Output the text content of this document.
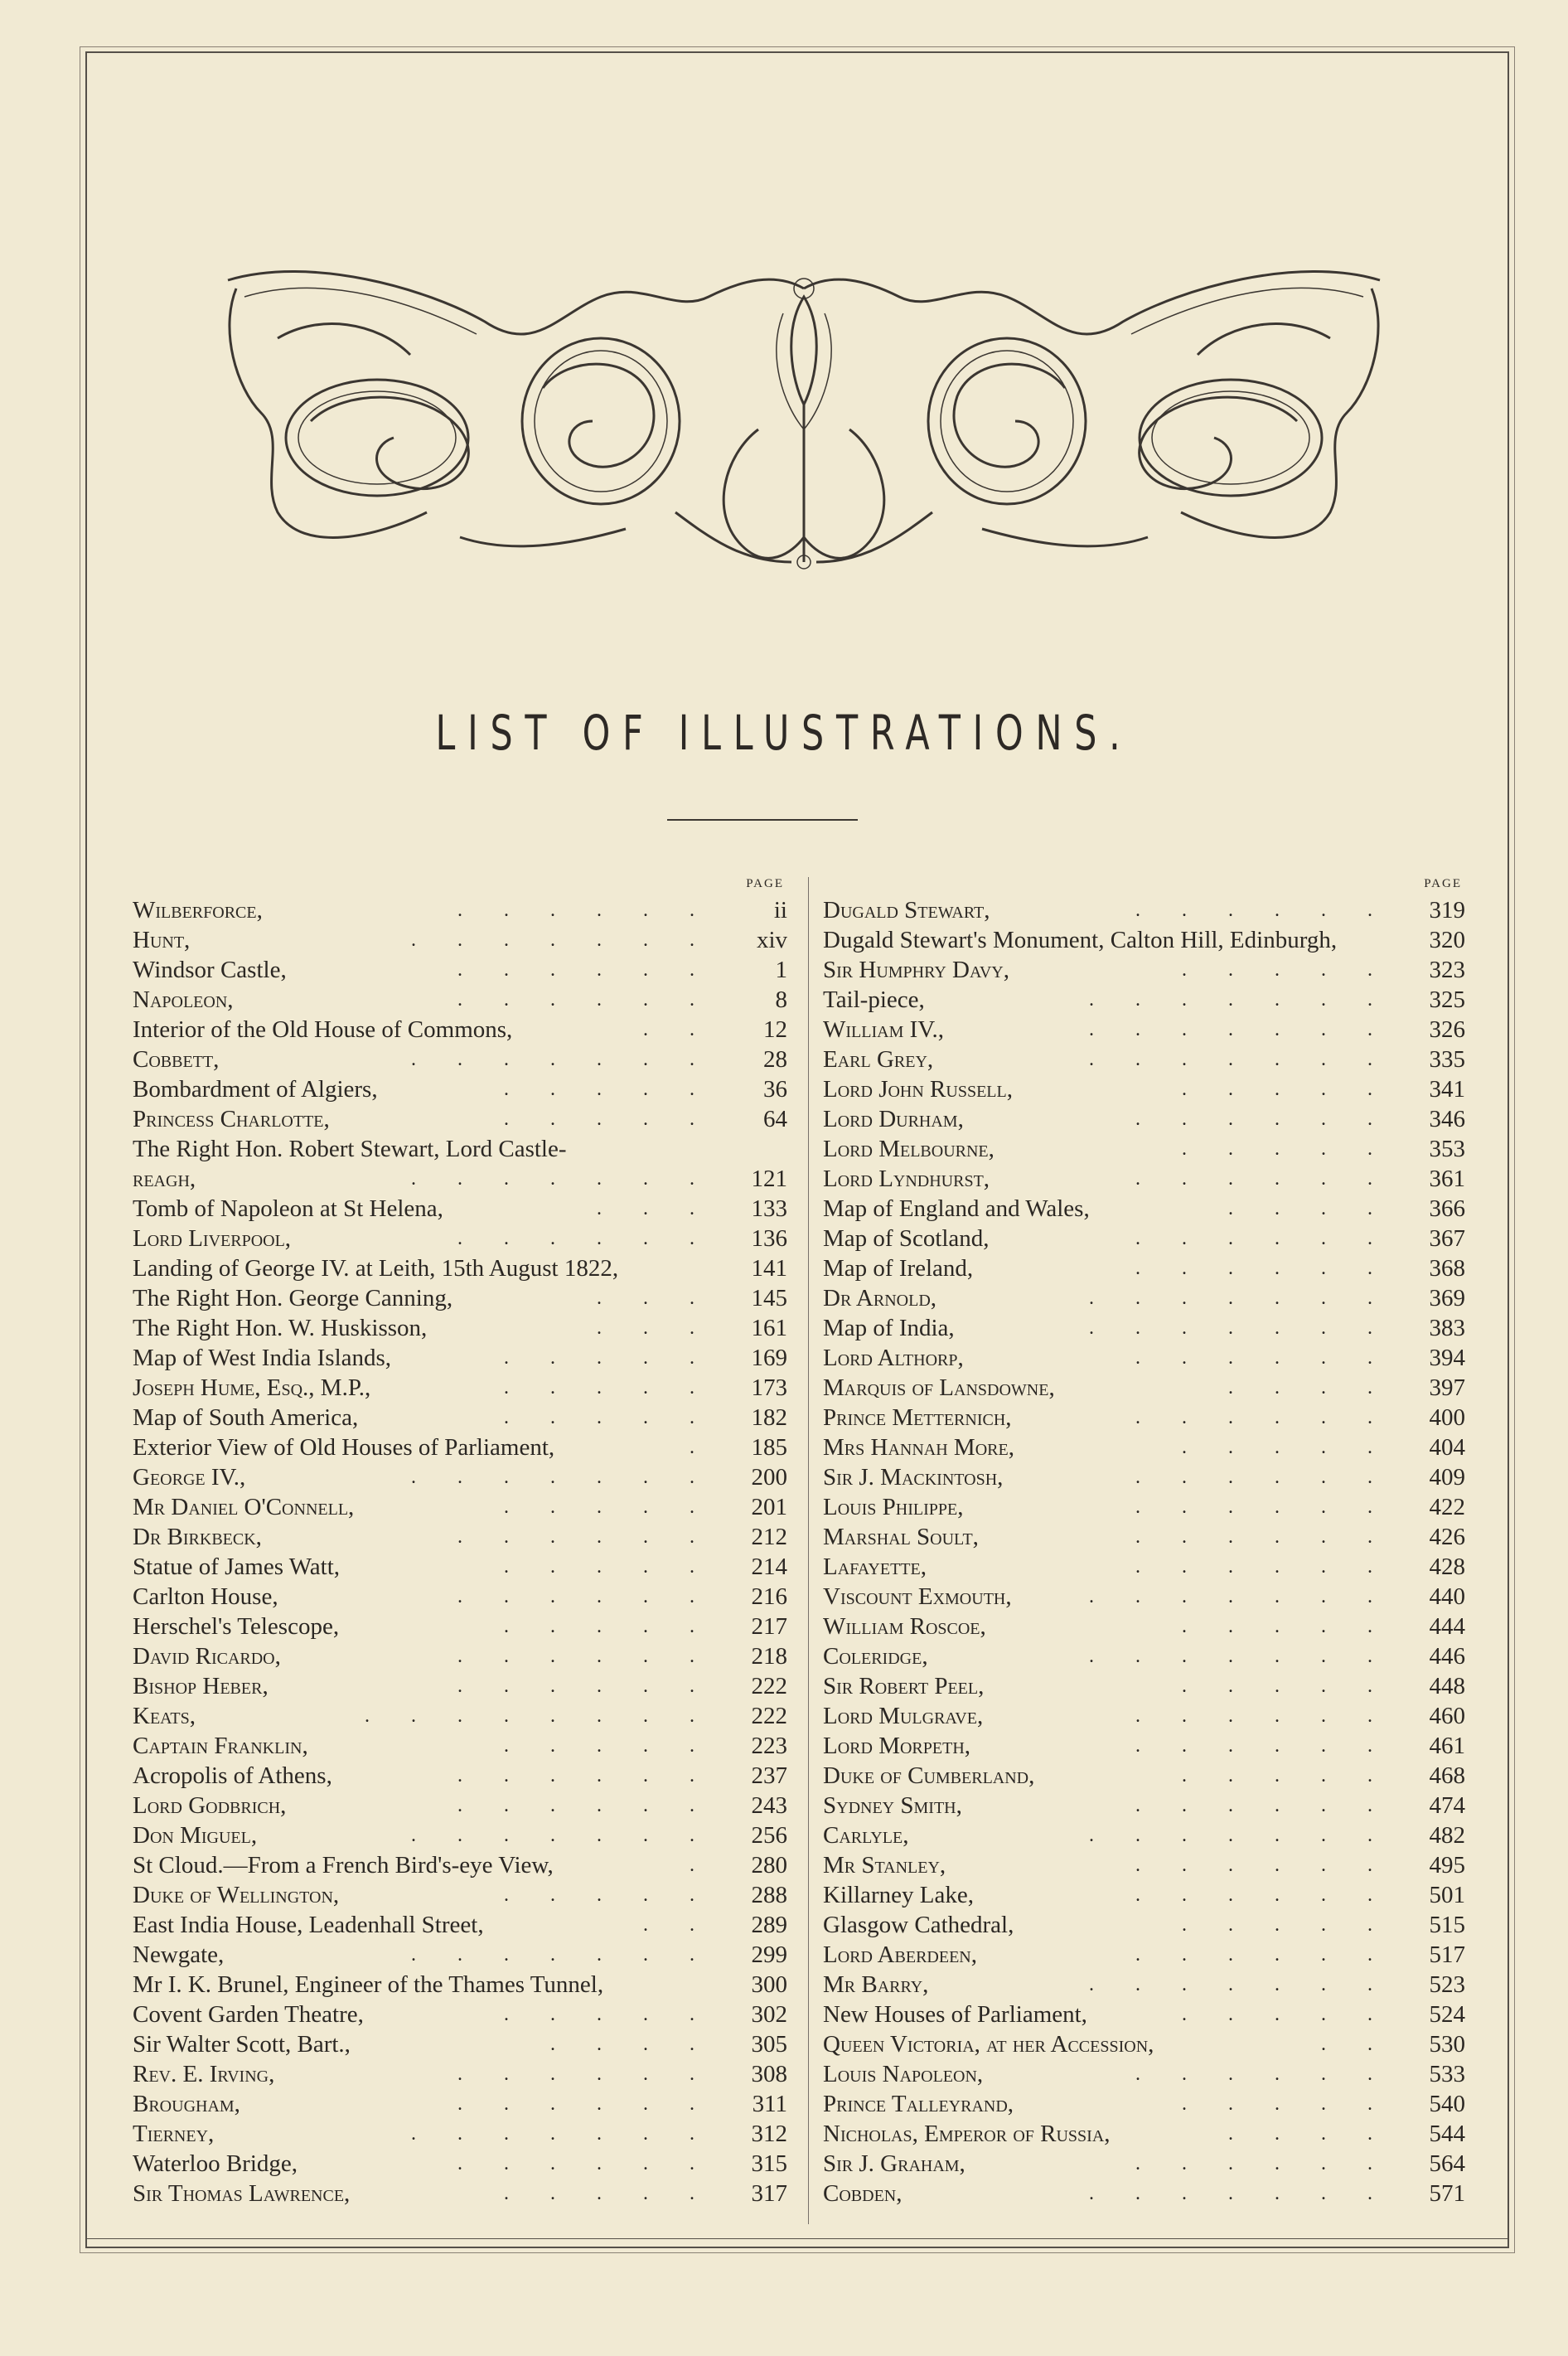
LIST OF ILLUSTRATIONS.
PAGE
Wilberforce,	. . . . . .	ii
Hunt,	. . . . . . . xiv
Windsor Castle,	. . . . . .	1
Napoleon,	. . . . . .	8
Interior of the Old House of Commons,	. . 12
Cobbett,	. . . . . . . 28
Bombardment of Algiers,	. . . . . 36
Princess Charlotte,	. . . . . 64
The Right Hon. Robert Stewart, Lord Castle-
reagh,	. . . . . . . 121
Tomb of Napoleon at St Helena,	. . . 133
Lord Liverpool,	. . . . . . 136
Landing of George IV. at Leith, 15th August 1822,	141
The Right Hon. George Canning,	. . . 145
The Right Hon. W. Huskisson,	. . . 161
Map of West India Islands,	. . . . . 169
Joseph Hume, Esq., M.P.,	. . . . . 173
Map of South America,	. . . . . 182
Exterior View of Old Houses of Parliament,	. 185
George IV.,	. . . . . . . 200
Mr Daniel O'Connell,	. . . . . 201
Dr Birkbeck,	. . . . . . 212
Statue of James Watt,	. . . . . 214
Carlton House,	. . . . . . 216
Herschel's Telescope,	. . . . . 217
David Ricardo,	. . . . . . 218
Bishop Heber,	. . . . . . 222
Keats,	. . . . . . . . 222
Captain Franklin,	. . . . . 223
Acropolis of Athens,	. . . . . . 237
Lord Godbrich,	. . . . . . 243
Don Miguel,	. . . . . . . 256
St Cloud.—From a French Bird's-eye View,	. 280
Duke of Wellington,	. . . . . 288
East India House, Leadenhall Street,	. . 289
Newgate,	. . . . . . . 299
Mr I. K. Brunel, Engineer of the Thames Tunnel,	300
Covent Garden Theatre,	. . . . . 302
Sir Walter Scott, Bart.,	. . . . 305
Rev. E. Irving,	. . . . . . 308
Brougham,	. . . . . . 311
Tierney,	. . . . . . . 312
Waterloo Bridge,	. . . . . . 315
Sir Thomas Lawrence,	. . . . . 317
PAGE
Dugald Stewart,	. . . . . . 319
Dugald Stewart's Monument, Calton Hill, Edinburgh,	320
Sir Humphry Davy,	. . . . . 323
Tail-piece,	. . . . . . . 325
William IV.,	. . . . . . . 326
Earl Grey,	. . . . . . . 335
Lord John Russell,	. . . . . 341
Lord Durham,	. . . . . . 346
Lord Melbourne,	. . . . . 353
Lord Lyndhurst,	. . . . . . 361
Map of England and Wales,	. . . . 366
Map of Scotland,	. . . . . . 367
Map of Ireland,	. . . . . . 368
Dr Arnold,	. . . . . . . 369
Map of India,	. . . . . . . 383
Lord Althorp,	. . . . . . 394
Marquis of Lansdowne,	. . . . 397
Prince Metternich,	. . . . . . 400
Mrs Hannah More,	. . . . . 404
Sir J. Mackintosh,	. . . . . . 409
Louis Philippe,	. . . . . . 422
Marshal Soult,	. . . . . . 426
Lafayette,	. . . . . . 428
Viscount Exmouth,	. . . . . . . 440
William Roscoe,	. . . . . 444
Coleridge,	. . . . . . . 446
Sir Robert Peel,	. . . . . 448
Lord Mulgrave,	. . . . . . 460
Lord Morpeth,	. . . . . . 461
Duke of Cumberland,	. . . . . 468
Sydney Smith,	. . . . . . 474
Carlyle,	. . . . . . . 482
Mr Stanley,	. . . . . . 495
Killarney Lake,	. . . . . . 501
Glasgow Cathedral,	. . . . . 515
Lord Aberdeen,	. . . . . . 517
Mr Barry,	. . . . . . . 523
New Houses of Parliament,	. . . . . 524
Queen Victoria, at her Accession,	. . 530
Louis Napoleon,	. . . . . . 533
Prince Talleyrand,	. . . . . 540
Nicholas, Emperor of Russia,	. . . . 544
Sir J. Graham,	. . . . . . 564
Cobden,	. . . . . . . 571
